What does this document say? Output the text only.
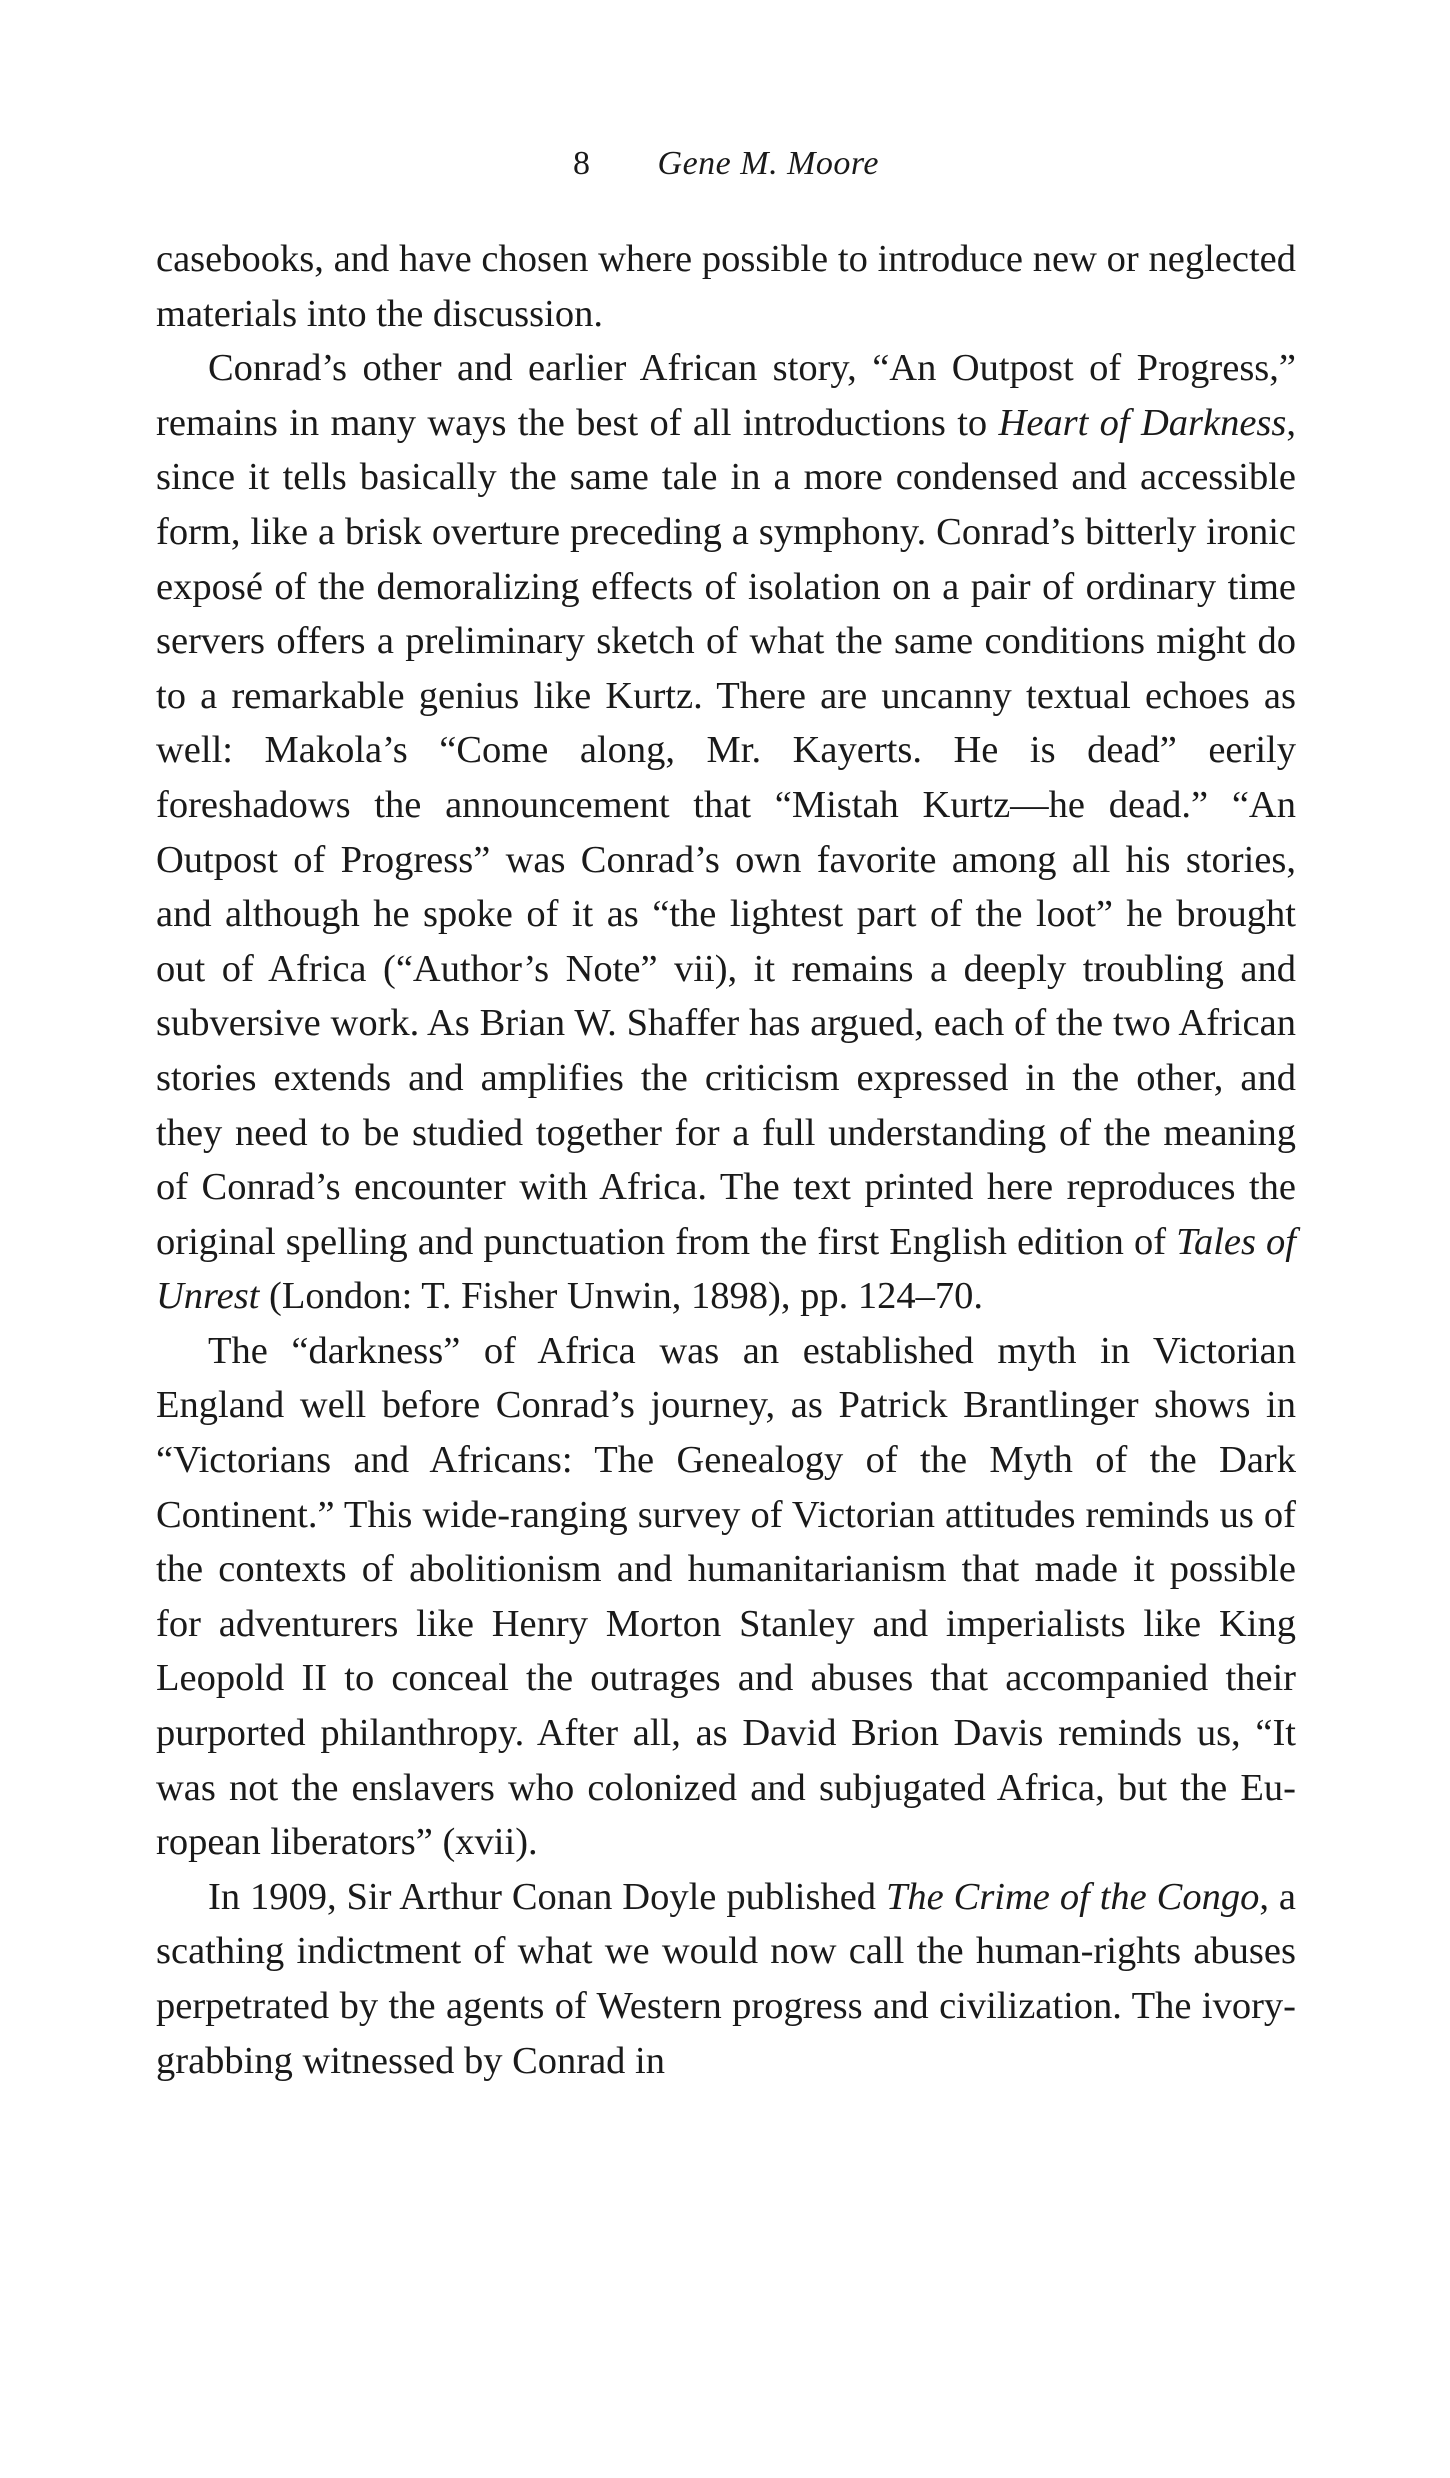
8 Gene M. Moore

casebooks, and have chosen where possible to introduce new or neglected materials into the discussion.

Conrad’s other and earlier African story, “An Outpost of Progress,” remains in many ways the best of all introductions to Heart of Darkness, since it tells basically the same tale in a more condensed and accessible form, like a brisk overture preceding a symphony. Conrad’s bitterly ironic exposé of the demoralizing effects of isolation on a pair of ordinary time servers offers a preliminary sketch of what the same conditions might do to a remarkable genius like Kurtz. There are uncanny textual echoes as well: Makola’s “Come along, Mr. Kayerts. He is dead” eerily foreshadows the announcement that “Mistah Kurtz—he dead.” “An Outpost of Progress” was Conrad’s own favorite among all his stories, and although he spoke of it as “the lightest part of the loot” he brought out of Africa (“Author’s Note” vii), it remains a deeply troubling and subversive work. As Brian W. Shaffer has argued, each of the two African stories extends and amplifies the criticism expressed in the other, and they need to be studied together for a full understanding of the meaning of Conrad’s encounter with Africa. The text printed here reproduces the original spelling and punctuation from the first English edition of Tales of Unrest (London: T. Fisher Unwin, 1898), pp. 124–70.

The “darkness” of Africa was an established myth in Victorian England well before Conrad’s journey, as Patrick Brantlinger shows in “Victorians and Africans: The Genealogy of the Myth of the Dark Continent.” This wide-ranging survey of Victorian attitudes reminds us of the contexts of abolitionism and humanitarianism that made it possible for adventurers like Henry Morton Stanley and imperialists like King Leopold II to conceal the outrages and abuses that accompanied their purported philanthropy. After all, as David Brion Davis reminds us, “It was not the enslavers who colonized and subjugated Africa, but the European liberators” (xvii).

In 1909, Sir Arthur Conan Doyle published The Crime of the Congo, a scathing indictment of what we would now call the human-rights abuses perpetrated by the agents of Western progress and civilization. The ivory-grabbing witnessed by Conrad in
